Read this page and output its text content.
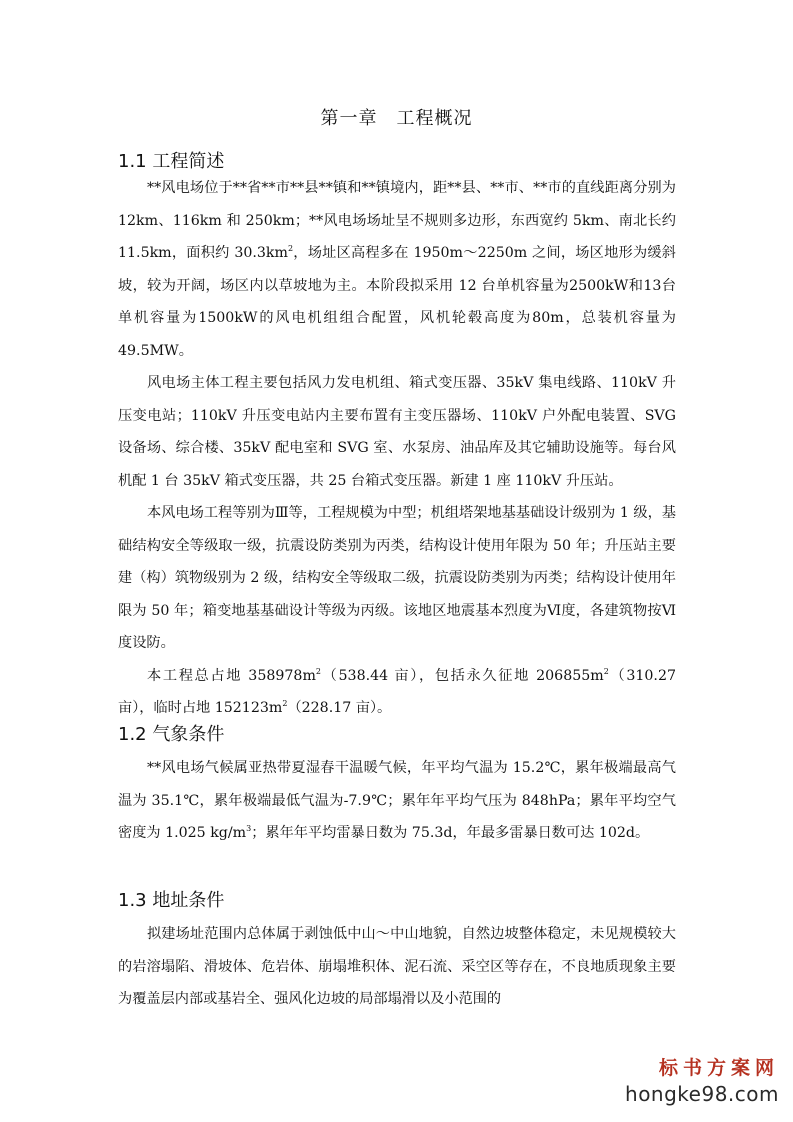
第一章　工程概况
1.1 工程简述

**风电场位于**省**市**县**镇和**镇境内，距**县、**市、**市的直线距离分别为 12km、116km 和 250km；**风电场场址呈不规则多边形，东西宽约 5km、南北长约 11.5km，面积约 $30.3km^2$，场址区高程多在 1950m～2250m 之间，场区地形为缓斜坡，较为开阔，场区内以草坡地为主。本阶段拟采用 12 台单机容量为2500kW和13台单机容量为1500kW的风电机组组合配置，风机轮毂高度为80m，总装机容量为 49.5MW。

风电场主体工程主要包括风力发电机组、箱式变压器、35kV 集电线路、110kV 升压变电站；110kV 升压变电站内主要布置有主变压器场、110kV 户外配电装置、SVG 设备场、综合楼、35kV 配电室和 SVG 室、水泵房、油品库及其它辅助设施等。每台风机配 1 台 35kV 箱式变压器，共 25 台箱式变压器。新建 1 座 110kV 升压站。

本风电场工程等别为Ⅲ等，工程规模为中型；机组塔架地基基础设计级别为 1 级，基础结构安全等级取一级，抗震设防类别为丙类，结构设计使用年限为 50 年；升压站主要建（构）筑物级别为 2 级，结构安全等级取二级，抗震设防类别为丙类；结构设计使用年限为 50 年；箱变地基基础设计等级为丙级。该地区地震基本烈度为Ⅵ度，各建筑物按Ⅵ度设防。

本工程总占地 $358978m^2(538.44$ 亩），包括永久征地 $206855m^2(310.27$ 亩），临时占地 $152123m^2(228.17$ 亩）。

1.2 气象条件

**风电场气候属亚热带夏湿春干温暖气候，年平均气温为 15.2℃，累年极端最高气温为 35.1℃，累年极端最低气温为-7.9℃；累年年平均气压为 848hPa；累年平均空气密度为 1.025 $kg/m^3$；累年年平均雷暴日数为 75.3d，年最多雷暴日数可达 102d。

1.3 地址条件

拟建场址范围内总体属于剥蚀低中山～中山地貌，自然边坡整体稳定，未见规模较大的岩溶塌陷、滑坡体、危岩体、崩塌堆积体、泥石流、采空区等存在，不良地质现象主要为覆盖层内部或基岩全、强风化边坡的局部塌滑以及小范围的

标书方案网
hongke98.com
